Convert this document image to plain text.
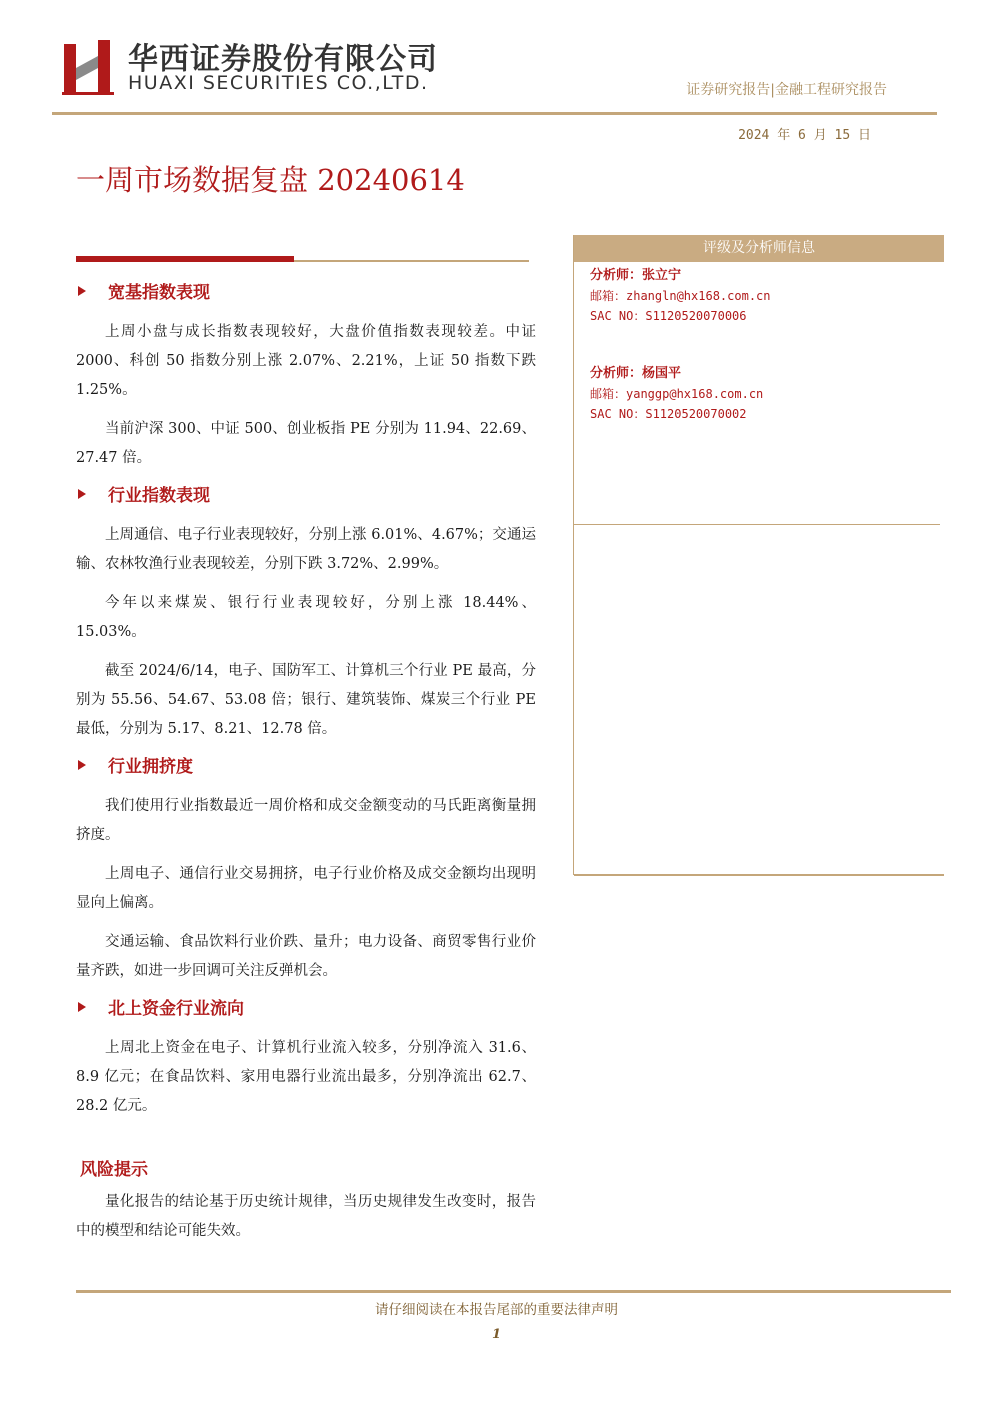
华西证券股份有限公司
HUAXI SECURITIES CO.,LTD.	证券研究报告|金融工程研究报告
2024 年 6 月 15 日
一周市场数据复盘 20240614
宽基指数表现

上周小盘与成长指数表现较好，大盘价值指数表现较差。中证 2000、科创 50 指数分别上涨 2.07%、2.21%，上证 50 指数下跌 1.25%。

当前沪深 300、中证 500、创业板指 PE 分别为 11.94、22.69、27.47 倍。

行业指数表现

上周通信、电子行业表现较好，分别上涨 6.01%、4.67%；交通运输、农林牧渔行业表现较差，分别下跌 3.72%、2.99%。

今年以来煤炭、银行行业表现较好，分别上涨 18.44%、15.03%。

截至 2024/6/14，电子、国防军工、计算机三个行业 PE 最高，分别为 55.56、54.67、53.08 倍；银行、建筑装饰、煤炭三个行业 PE 最低，分别为 5.17、8.21、12.78 倍。

行业拥挤度

我们使用行业指数最近一周价格和成交金额变动的马氏距离衡量拥挤度。

上周电子、通信行业交易拥挤，电子行业价格及成交金额均出现明显向上偏离。

交通运输、食品饮料行业价跌、量升；电力设备、商贸零售行业价量齐跌，如进一步回调可关注反弹机会。

北上资金行业流向

上周北上资金在电子、计算机行业流入较多，分别净流入 31.6、8.9 亿元；在食品饮料、家用电器行业流出最多，分别净流出 62.7、28.2 亿元。

风险提示

量化报告的结论基于历史统计规律，当历史规律发生改变时，报告中的模型和结论可能失效。

评级及分析师信息
分析师：张立宁
邮箱：zhangln@hx168.com.cn
SAC NO：S1120520070006
分析师：杨国平
邮箱：yanggp@hx168.com.cn
SAC NO：S1120520070002
请仔细阅读在本报告尾部的重要法律声明
1
